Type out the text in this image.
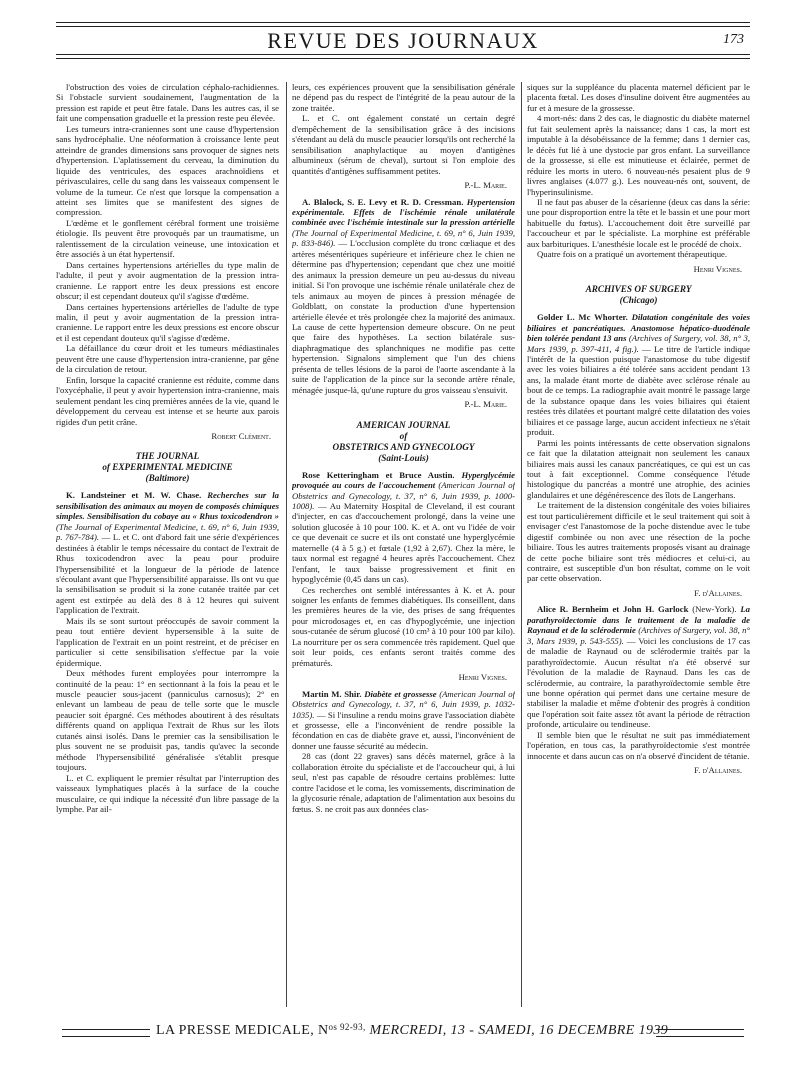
REVUE DES JOURNAUX	173

l'obstruction des voies de circulation céphalo-rachidiennes. Si l'obstacle survient soudainement, l'augmentation de la pression est rapide et peut être fatale. Dans les autres cas, il se fait une compensation graduelle et la pression reste peu élevée.

Les tumeurs intra-craniennes sont une cause d'hypertension sans hydrocéphalie. Une néoformation à croissance lente peut atteindre de grandes dimensions sans provoquer de signes nets d'hypertension. L'aplatissement du cerveau, la diminution du liquide des ventricules, des espaces arachnoïdiens et périvasculaires, celle du sang dans les vaisseaux compensent le volume de la tumeur. Ce n'est que lorsque la compensation a atteint ses limites que se manifestent des signes de compression.

L'œdème et le gonflement cérébral forment une troisième étiologie. Ils peuvent être provoqués par un traumatisme, un ralentissement de la circulation veineuse, une intoxication et être associés à un état hypertensif.

Dans certaines hypertensions artérielles du type malin de l'adulte, il peut y avoir augmentation de la pression intra-cranienne. Le rapport entre les deux pressions est encore obscur; il est cependant douteux qu'il s'agisse d'œdème.

Dans certaines hypertensions artérielles de l'adulte de type malin, il peut y avoir augmentation de la pression intra-cranienne. Le rapport entre les deux pressions est encore obscur et il est cependant douteux qu'il s'agisse d'œdème.

La défaillance du cœur droit et les tumeurs médiastinales peuvent être une cause d'hypertension intra-cranienne, par gêne de la circulation de retour.

Enfin, lorsque la capacité cranienne est réduite, comme dans l'oxycéphalie, il peut y avoir hypertension intra-cranienne, mais seulement pendant les cinq premières années de la vie, quand le développement du cerveau est intense et se heurte aux parois rigides d'un petit crâne.

Robert Clément.
THE JOURNAL
of EXPERIMENTAL MEDICINE
(Baltimore)

K. Landsteiner et M. W. Chase. Recherches sur la sensibilisation des animaux au moyen de composés chimiques simples. Sensibilisation du cobaye au « Rhus toxicodendron » (The Journal of Experimental Medicine, t. 69, n° 6, Juin 1939, p. 767-784). — L. et C. ont d'abord fait une série d'expériences destinées à établir le temps nécessaire du contact de l'extrait de Rhus toxicodendron avec la peau pour produire l'hypersensibilité et la longueur de la période de latence s'écoulant avant que l'hypersensibilité apparaisse. Ils ont vu que la sensibilisation se produit si la zone cutanée traitée par cet agent est extirpée au delà des 8 à 12 heures qui suivent l'application de l'extrait.

Mais ils se sont surtout préoccupés de savoir comment la peau tout entière devient hypersensible à la suite de l'application de l'extrait en un point restreint, et de préciser en particulier si cette sensibilisation s'effectue par la voie épidermique.

Deux méthodes furent employées pour interrompre la continuité de la peau: 1° en sectionnant à la fois la peau et le muscle peaucier sous-jacent (panniculus carnosus); 2° en enlevant un lambeau de peau de telle sorte que le muscle peaucier soit épargné. Ces méthodes aboutirent à des résultats différents quand on appliqua l'extrait de Rhus sur les îlots cutanés ainsi isolés. Dans le premier cas la sensibilisation le plus souvent ne se produisit pas, tandis qu'avec la seconde méthode l'hypersensibilité généralisée s'établit presque toujours.

L. et C. expliquent le premier résultat par l'interruption des vaisseaux lymphatiques placés à la surface de la couche musculaire, ce qui indique la nécessité d'un libre passage de la lymphe. Par ail-

leurs, ces expériences prouvent que la sensibilisation générale ne dépend pas du respect de l'intégrité de la peau autour de la zone traitée.

L. et C. ont également constaté un certain degré d'empêchement de la sensibilisation grâce à des incisions s'étendant au delà du muscle peaucier lorsqu'ils ont recherché la sensibilisation anaphylactique au moyen d'antigènes albumineux (sérum de cheval), surtout si l'on emploie des quantités d'antigènes suffisamment petites.

P.-L. Marie.

A. Blalock, S. E. Levy et R. D. Cressman. Hypertension expérimentale. Effets de l'ischémie rénale unilatérale combinée avec l'ischémie intestinale sur la pression artérielle (The Journal of Experimental Medicine, t. 69, n° 6, Juin 1939, p. 833-846). — L'occlusion complète du tronc cœliaque et des artères mésentériques supérieure et inférieure chez le chien ne détermine pas d'hypertension; cependant que chez une moitié des animaux la pression demeure un peu au-dessus du niveau initial. Si l'on provoque une ischémie rénale unilatérale chez de tels animaux au moyen de pinces à pression ménagée de Goldblatt, on constate la production d'une hypertension artérielle élevée et très prolongée chez la majorité des animaux. La cause de cette hypertension demeure obscure. On ne peut que faire des hypothèses. La section bilatérale sus-diaphragmatique des splanchniques ne modifie pas cette hypertension. Signalons simplement que l'un des chiens présenta de telles lésions de la paroi de l'aorte ascendante à la suite de l'application de la pince sur la seconde artère rénale, ménagée jusque-là, qu'une rupture du gros vaisseau s'ensuivit.

P.-L. Marie.
AMERICAN JOURNAL
of
OBSTETRICS AND GYNECOLOGY
(Saint-Louis)

Rose Ketteringham et Bruce Austin. Hyperglycémie provoquée au cours de l'accouchement (American Journal of Obstetrics and Gynecology, t. 37, n° 6, Juin 1939, p. 1000-1008). — Au Maternity Hospital de Cleveland, il est courant d'injecter, en cas d'accouchement prolongé, dans la veine une solution glucosée à 10 pour 100. K. et A. ont vu l'idée de voir ce que devenait ce sucre et ils ont constaté une hyperglycémie maternelle (4 à 5 g.) et fœtale (1,92 à 2,67). Chez la mère, le taux normal est regagné 4 heures après l'accouchement. Chez l'enfant, le taux baisse progressivement et finit en hypoglycémie (0,45 dans un cas).

Ces recherches ont semblé intéressantes à K. et A. pour soigner les enfants de femmes diabétiques. Ils conseillent, dans les premières heures de la vie, des prises de sang fréquentes pour microdosages et, en cas d'hypoglycémie, une injection sous-cutanée de sérum glucosé (10 cm³ à 10 pour 100 par kilo). La nourriture per os sera commencée très rapidement. Quel que soit leur poids, ces enfants seront traités comme des prématurés.

Henri Vignes.

Martin M. Shir. Diabète et grossesse (American Journal of Obstetrics and Gynecology, t. 37, n° 6, Juin 1939, p. 1032-1035). — Si l'insuline a rendu moins grave l'association diabète et grossesse, elle a l'inconvénient de rendre possible la fécondation en cas de diabète grave et, aussi, l'inconvénient de donner une fausse sécurité au médecin.

28 cas (dont 22 graves) sans décès maternel, grâce à la collaboration étroite du spécialiste et de l'accoucheur qui, à lui seul, n'est pas capable de résoudre certains problèmes: lutte contre l'acidose et le coma, les vomissements, discrimination de la glycosurie rénale, adaptation de l'alimentation aux besoins du fœtus. S. ne croit pas aux données clas-

siques sur la suppléance du placenta maternel déficient par le placenta fœtal. Les doses d'insuline doivent être augmentées au fur et à mesure de la grossesse.

4 mort-nés: dans 2 des cas, le diagnostic du diabète maternel fut fait seulement après la naissance; dans 1 cas, la mort est imputable à la désobéissance de la femme; dans 1 dernier cas, le décès fut lié à une dystocie par gros enfant. La surveillance de la grossesse, si elle est minutieuse et éclairée, permet de réduire les morts in utero. 6 nouveau-nés pesaient plus de 9 livres anglaises (4.077 g.). Les nouveau-nés ont, souvent, de l'hyperinsulinisme.

Il ne faut pas abuser de la césarienne (deux cas dans la série: une pour disproportion entre la tête et le bassin et une pour mort habituelle du fœtus). L'accouchement doit être surveillé par l'accoucheur et par le spécialiste. La morphine est préférable aux barbituriques. L'anesthésie locale est le procédé de choix.

Quatre fois on a pratiqué un avortement thérapeutique.

Henri Vignes.
ARCHIVES OF SURGERY
(Chicago)

Golder L. Mc Whorter. Dilatation congénitale des voies biliaires et pancréatiques. Anastomose hépatico-duodénale bien tolérée pendant 13 ans (Archives of Surgery, vol. 38, n° 3, Mars 1939, p. 397-411, 4 fig.). — Le titre de l'article indique l'intérêt de la question puisque l'anastomose du tube digestif avec les voies biliaires a été tolérée sans accident pendant 13 ans, la malade étant morte de diabète avec sclérose rénale au bout de ce temps. La radiographie avait montré le passage large de la substance opaque dans les voies biliaires qui étaient restées très dilatées et pourtant malgré cette dilatation des voies biliaires et ce passage large, aucun accident infectieux ne s'était produit.

Parmi les points intéressants de cette observation signalons ce fait que la dilatation atteignait non seulement les canaux biliaires mais aussi les canaux pancréatiques, ce qui est un cas tout à fait exceptionnel. Comme conséquence l'étude histologique du pancréas a montré une atrophie, des acinies glandulaires et une dégénérescence des îlots de Langerhans.

Le traitement de la distension congénitale des voies biliaires est tout particulièrement difficile et le seul traitement qui soit à envisager c'est l'anastomose de la poche distendue avec le tube digestif combinée ou non avec une résection de la poche biliaire. Tous les autres traitements proposés visant au drainage de cette poche biliaire sont très médiocres et celui-ci, au contraire, est susceptible d'un bon résultat, comme on le voit par cette observation.

F. d'Allaines.

Alice R. Bernheim et John H. Garlock (New-York). La parathyroïdectomie dans le traitement de la maladie de Raynaud et de la sclérodermie (Archives of Surgery, vol. 38, n° 3, Mars 1939, p. 543-555). — Voici les conclusions de 17 cas de maladie de Raynaud ou de sclérodermie traités par la parathyroïdectomie. Aucun résultat n'a été observé sur l'évolution de la maladie de Raynaud. Dans les cas de sclérodermie, au contraire, la parathyroïdectomie semble être une bonne opération qui permet dans une certaine mesure de stabiliser la maladie et même d'obtenir des progrès à condition que l'opération soit faite assez tôt avant la période de rétraction profonde, articulaire ou tendineuse.

Il semble bien que le résultat ne suit pas immédiatement l'opération, en tous cas, la parathyroïdectomie s'est montrée innocente et dans aucun cas on n'a observé d'incident de tétanie.

F. d'Allaines.
LA PRESSE MEDICALE, $N^{os 92-93,}$ MERCREDI, 13 - SAMEDI, 16 DECEMBRE 1939
